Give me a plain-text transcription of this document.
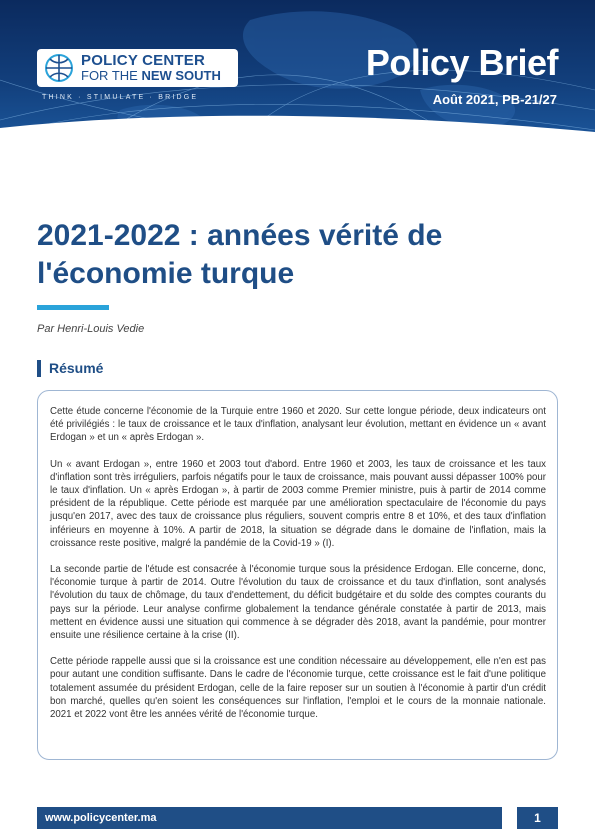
POLICY CENTER
FOR THE NEW SOUTH
THINK · STIMULATE · BRIDGE
Policy Brief
Août 2021, PB-21/27
2021-2022 : années vérité de l'économie turque
Par Henri-Louis Vedie
Résumé

Cette étude concerne l'économie de la Turquie entre 1960 et 2020. Sur cette longue période, deux indicateurs ont été privilégiés : le taux de croissance et le taux d'inflation, analysant leur évolution, mettant en évidence un « avant Erdogan » et un « après Erdogan ».

Un « avant Erdogan », entre 1960 et 2003 tout d'abord. Entre 1960 et 2003, les taux de croissance et les taux d'inflation sont très irréguliers, parfois négatifs pour le taux de croissance, mais pouvant aussi dépasser 100% pour le taux d'inflation. Un « après Erdogan », à partir de 2003 comme Premier ministre, puis à partir de 2014 comme président de la république. Cette période est marquée par une amélioration spectaculaire de l'économie du pays jusqu'en 2017, avec des taux de croissance plus réguliers, souvent compris entre 8 et 10%, et des taux d'inflation inférieurs en moyenne à 10%. A partir de 2018, la situation se dégrade dans le domaine de l'inflation, mais la croissance reste positive, malgré la pandémie de la Covid-19 » (I).

La seconde partie de l'étude est consacrée à l'économie turque sous la présidence Erdogan. Elle concerne, donc, l'économie turque à partir de 2014. Outre l'évolution du taux de croissance et du taux d'inflation, sont analysés l'évolution du taux de chômage, du taux d'endettement, du déficit budgétaire et du solde des comptes courants du pays sur la période. Leur analyse confirme globalement la tendance générale constatée à partir de 2013, mais mettent en évidence aussi une situation qui commence à se dégrader dès 2018, avant la pandémie, pour montrer ensuite une résilience certaine à la crise (II).

Cette période rappelle aussi que si la croissance est une condition nécessaire au développement, elle n'en est pas pour autant une condition suffisante. Dans le cadre de l'économie turque, cette croissance est le fait d'une politique totalement assumée du président Erdogan, celle de la faire reposer sur un soutien à l'économie à partir d'un crédit bon marché, quelles qu'en soient les conséquences sur l'inflation, l'emploi et le cours de la monnaie nationale. 2021 et 2022 vont être les années vérité de l'économie turque.

www.policycenter.ma	1
